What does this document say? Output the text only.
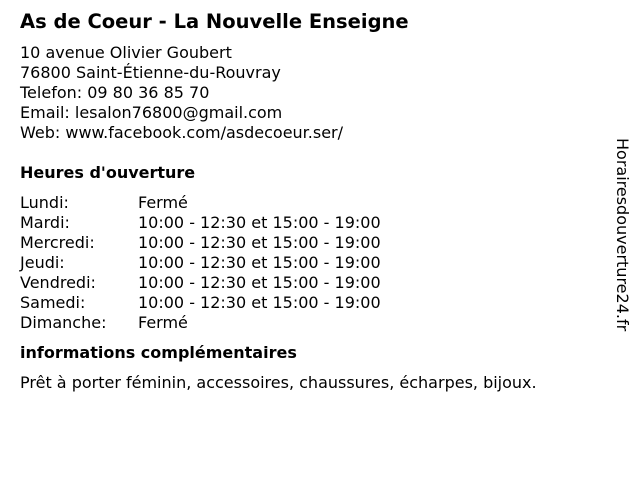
As de Coeur - La Nouvelle Enseigne
10 avenue Olivier Goubert
76800 Saint-Étienne-du-Rouvray
Telefon: 09 80 36 85 70
Email: lesalon76800@gmail.com
Web: www.facebook.com/asdecoeur.ser/
Heures d'ouverture
Lundi:	Fermé
Mardi:	10:00 - 12:30 et 15:00 - 19:00
Mercredi:	10:00 - 12:30 et 15:00 - 19:00
Jeudi:	10:00 - 12:30 et 15:00 - 19:00
Vendredi:	10:00 - 12:30 et 15:00 - 19:00
Samedi:	10:00 - 12:30 et 15:00 - 19:00
Dimanche:	Fermé
informations complémentaires
Prêt à porter féminin, accessoires, chaussures, écharpes, bijoux.
Horairesdouverture24.fr
